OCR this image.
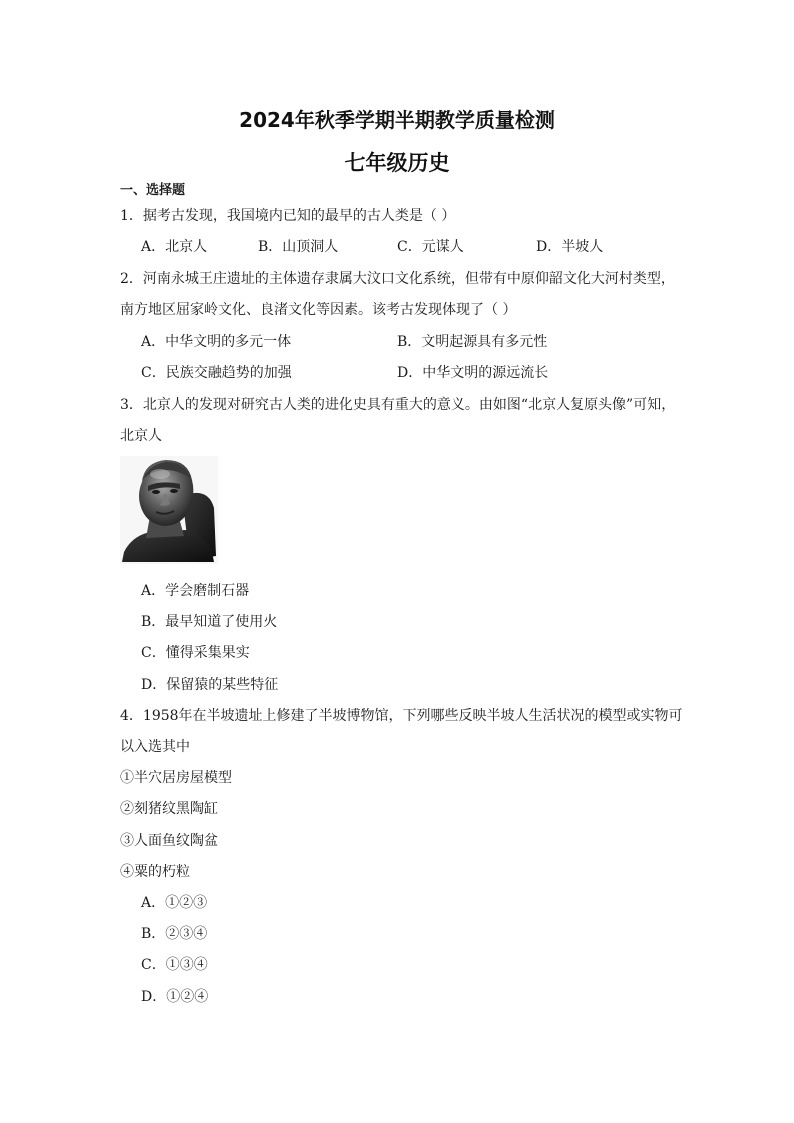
2024年秋季学期半期教学质量检测
七年级历史
一、选择题
1．据考古发现，我国境内已知的最早的古人类是（ ）
A．北京人	B．山顶洞人	C．元谋人	D．半坡人
2．河南永城王庄遗址的主体遗存隶属大汶口文化系统，但带有中原仰韶文化大河村类型，
南方地区屈家岭文化、良渚文化等因素。该考古发现体现了（ ）
A．中华文明的多元一体	B．文明起源具有多元性
C．民族交融趋势的加强	D．中华文明的源远流长
3．北京人的发现对研究古人类的进化史具有重大的意义。由如图“北京人复原头像”可知，
北京人
A．学会磨制石器
B．最早知道了使用火
C．懂得采集果实
D．保留猿的某些特征
4．1958年在半坡遗址上修建了半坡博物馆，下列哪些反映半坡人生活状况的模型或实物可
以入选其中
①半穴居房屋模型
②刻猪纹黑陶缸
③人面鱼纹陶盆
④粟的朽粒
A．①②③
B．②③④
C．①③④
D．①②④
